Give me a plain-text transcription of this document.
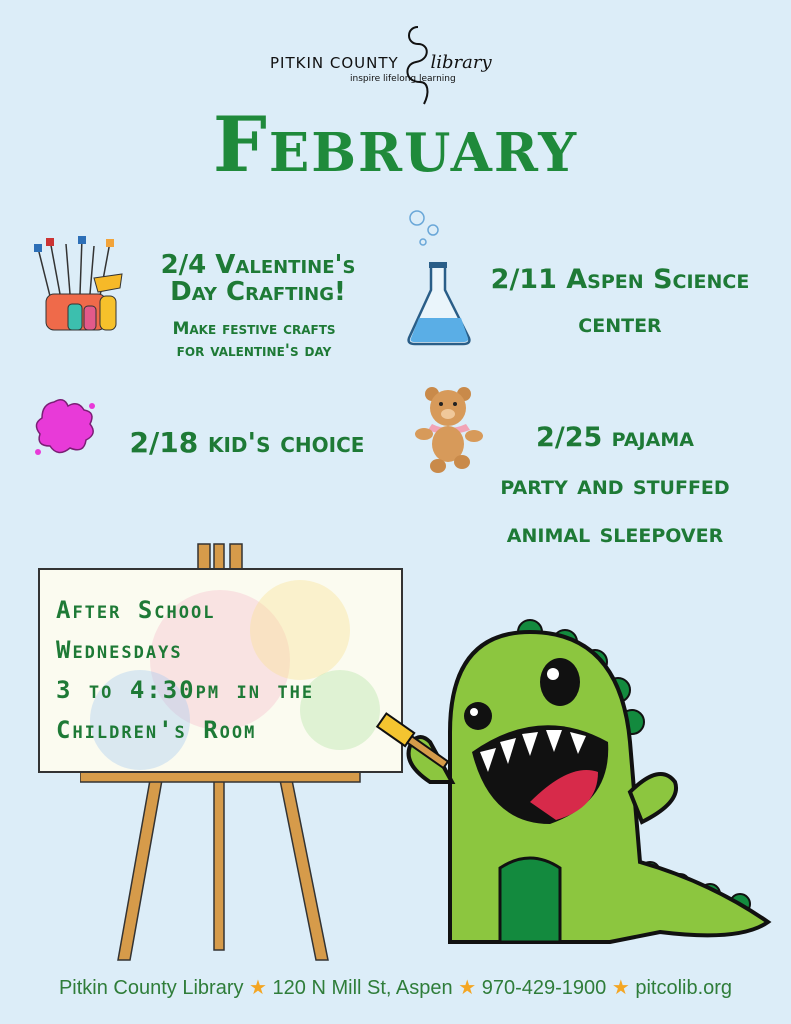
PITKIN COUNTY library
inspire lifelong learning
February
2/4 Valentine's
Day Crafting!
Make festive crafts
for valentine's day
2/11 Aspen Science
center
2/18 kid's choice	2/25 pajama
party and stuffed
animal sleepover
After School
Wednesdays
3 to 4:30pm in the
Children's Room
Pitkin County Library ★ 120 N Mill St, Aspen ★ 970-429-1900 ★ pitcolib.org
